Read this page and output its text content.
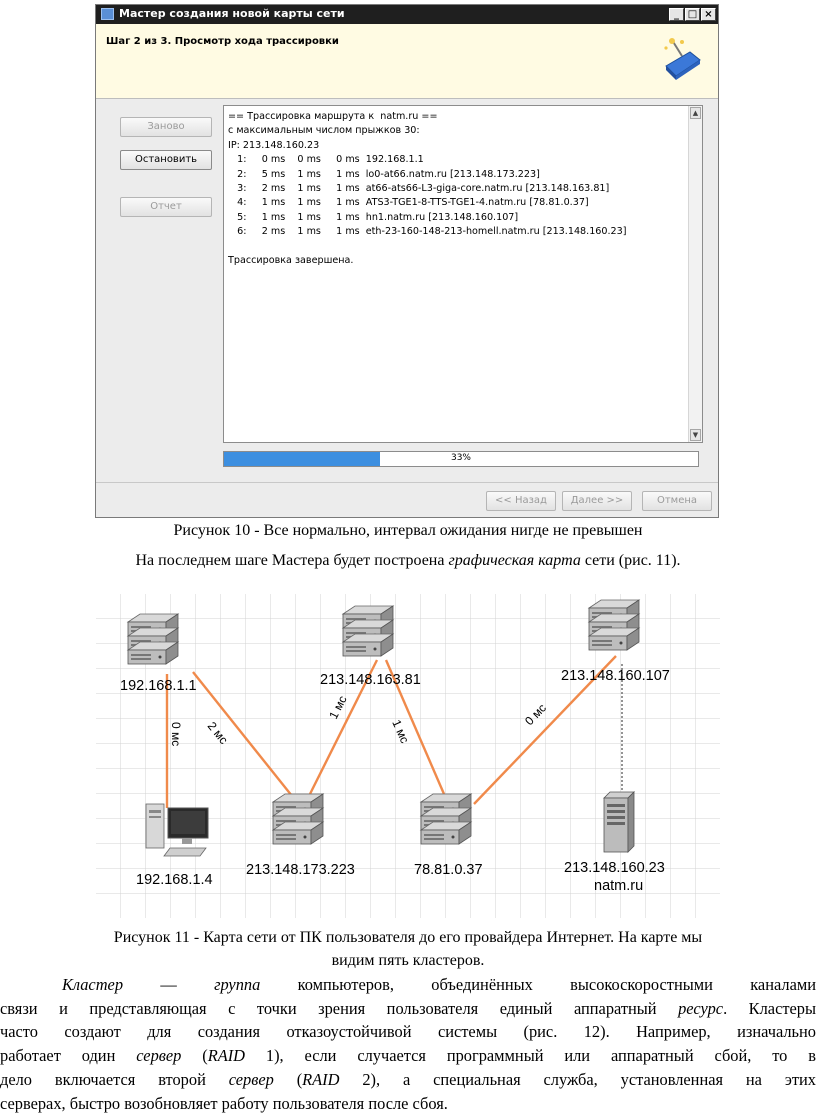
Мастер создания новой карты сети	_ □ ×
Шаг 2 из 3. Просмотр хода трассировки
Заново
Остановить
Отчет
== Трассировка маршрута к  natm.ru ==
с максимальным числом прыжков 30:
IP: 213.148.160.23
1:     0 ms    0 ms     0 ms  192.168.1.1
2:     5 ms    1 ms     1 ms  lo0-at66.natm.ru [213.148.173.223]
3:     2 ms    1 ms     1 ms  at66-ats66-L3-giga-core.natm.ru [213.148.163.81]
4:     1 ms    1 ms     1 ms  ATS3-TGE1-8-TTS-TGE1-4.natm.ru [78.81.0.37]
5:     1 ms    1 ms     1 ms  hn1.natm.ru [213.148.160.107]
6:     2 ms    1 ms     1 ms  eth-23-160-148-213-homell.natm.ru [213.148.160.23]
Трассировка завершена.
▲
▼
33%
<< Назад	Далее >>	Отмена
Рисунок 10 - Все нормально, интервал ожидания нигде не превышен
На последнем шаге Мастера будет построена графическая карта сети (рис. 11).
0 мс 2 мс
1 мс
1 мс
0 мс
192.168.1.1	213.148.163.81	213.148.160.107
192.168.1.4
213.148.173.223	78.81.0.37	213.148.160.23
natm.ru
Рисунок 11 - Карта сети от ПК пользователя до его провайдера Интернет. На карте мы
видим пять кластеров.
Кластер — группа компьютеров, объединённых высокоскоростными каналами
связи и представляющая с точки зрения пользователя единый аппаратный ресурс. Кластеры
часто создают для создания отказоустойчивой системы (рис. 12). Например, изначально
работает один сервер (RAID 1), если случается программный или аппаратный сбой, то в
дело включается второй сервер (RAID 2), а специальная служба, установленная на этих
серверах, быстро возобновляет работу пользователя после сбоя.
